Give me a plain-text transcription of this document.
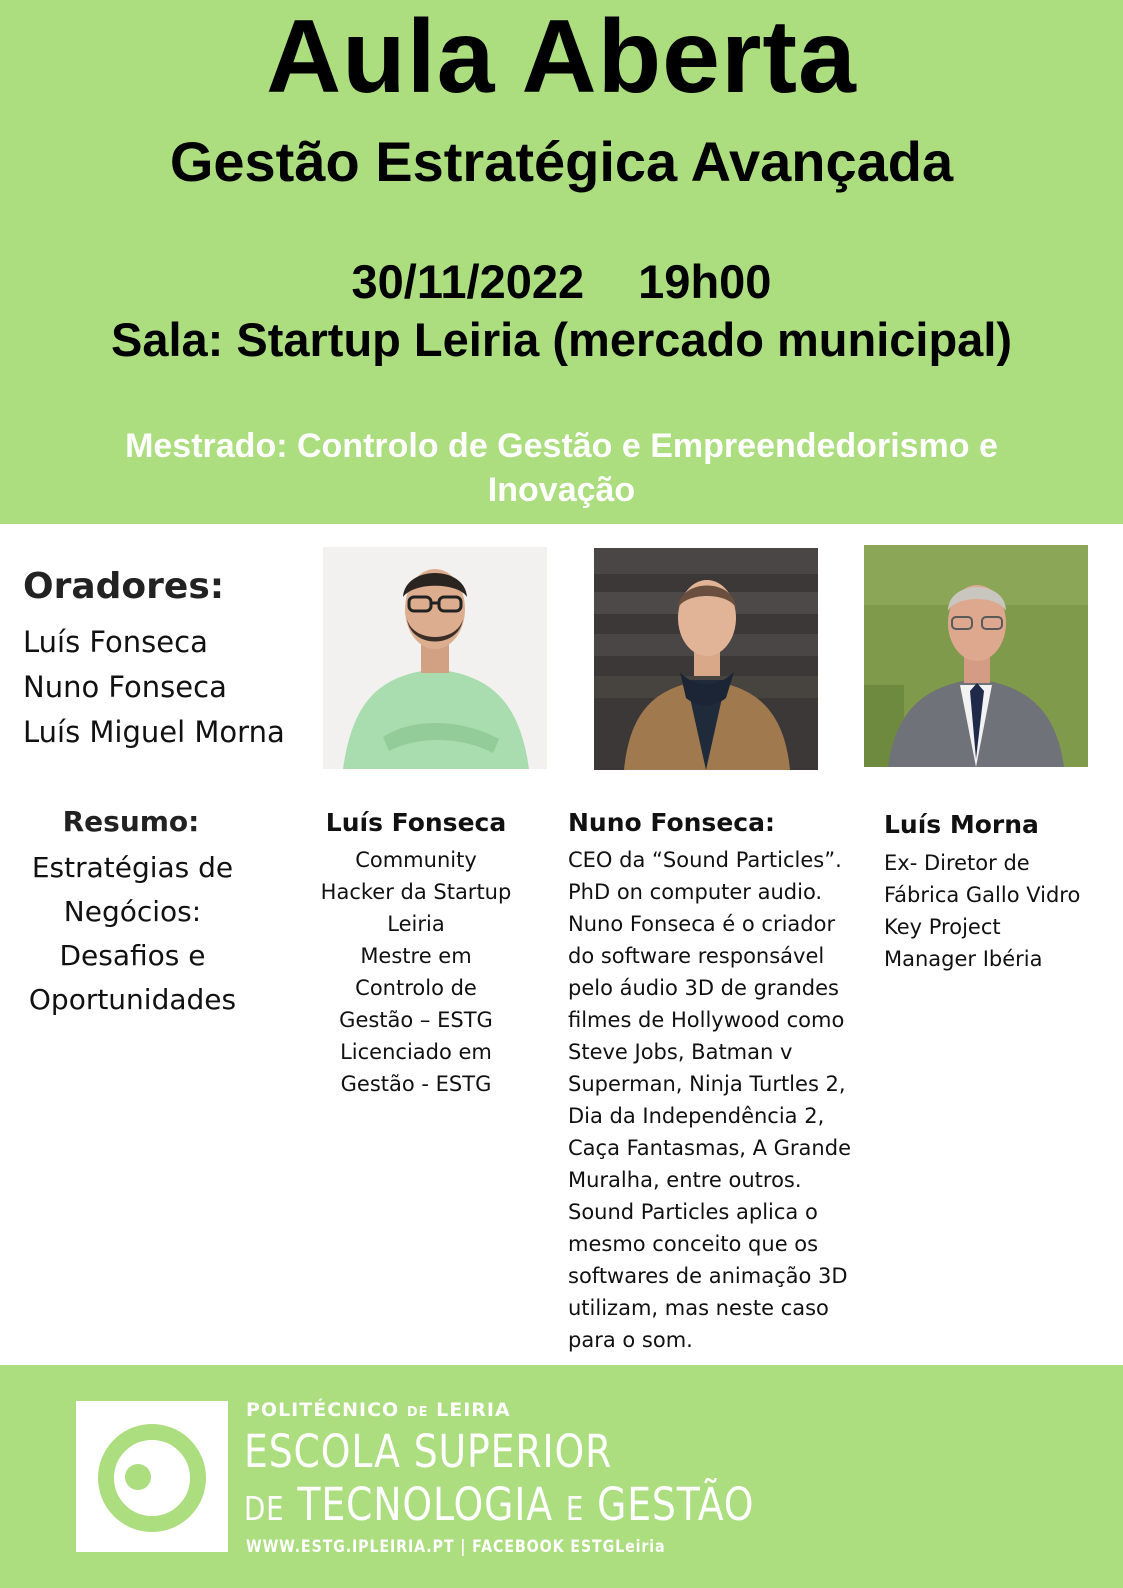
Aula Aberta
Gestão Estratégica Avançada
30/11/2022 19h00
Sala: Startup Leiria (mercado municipal)
Mestrado: Controlo de Gestão e Empreendedorismo e Inovação
Oradores:
Luís Fonseca
Nuno Fonseca
Luís Miguel Morna
Resumo:
Estratégias de
Negócios:
Desafios e
Oportunidades
Luís Fonseca
Community
Hacker da Startup
Leiria
Mestre em
Controlo de
Gestão – ESTG
Licenciado em
Gestão - ESTG
Nuno Fonseca:
CEO da “Sound Particles”.
PhD on computer audio.
Nuno Fonseca é o criador
do software responsável
pelo áudio 3D de grandes
filmes de Hollywood como
Steve Jobs, Batman v
Superman, Ninja Turtles 2,
Dia da Independência 2,
Caça Fantasmas, A Grande
Muralha, entre outros.
Sound Particles aplica o
mesmo conceito que os
softwares de animação 3D
utilizam, mas neste caso
para o som.
Luís Morna
Ex- Diretor de
Fábrica Gallo Vidro
Key Project
Manager Ibéria
POLITÉCNICO DE LEIRIA
ESCOLA SUPERIOR
DE TECNOLOGIA E GESTÃO
WWW.ESTG.IPLEIRIA.PT | FACEBOOK ESTGLeiria
